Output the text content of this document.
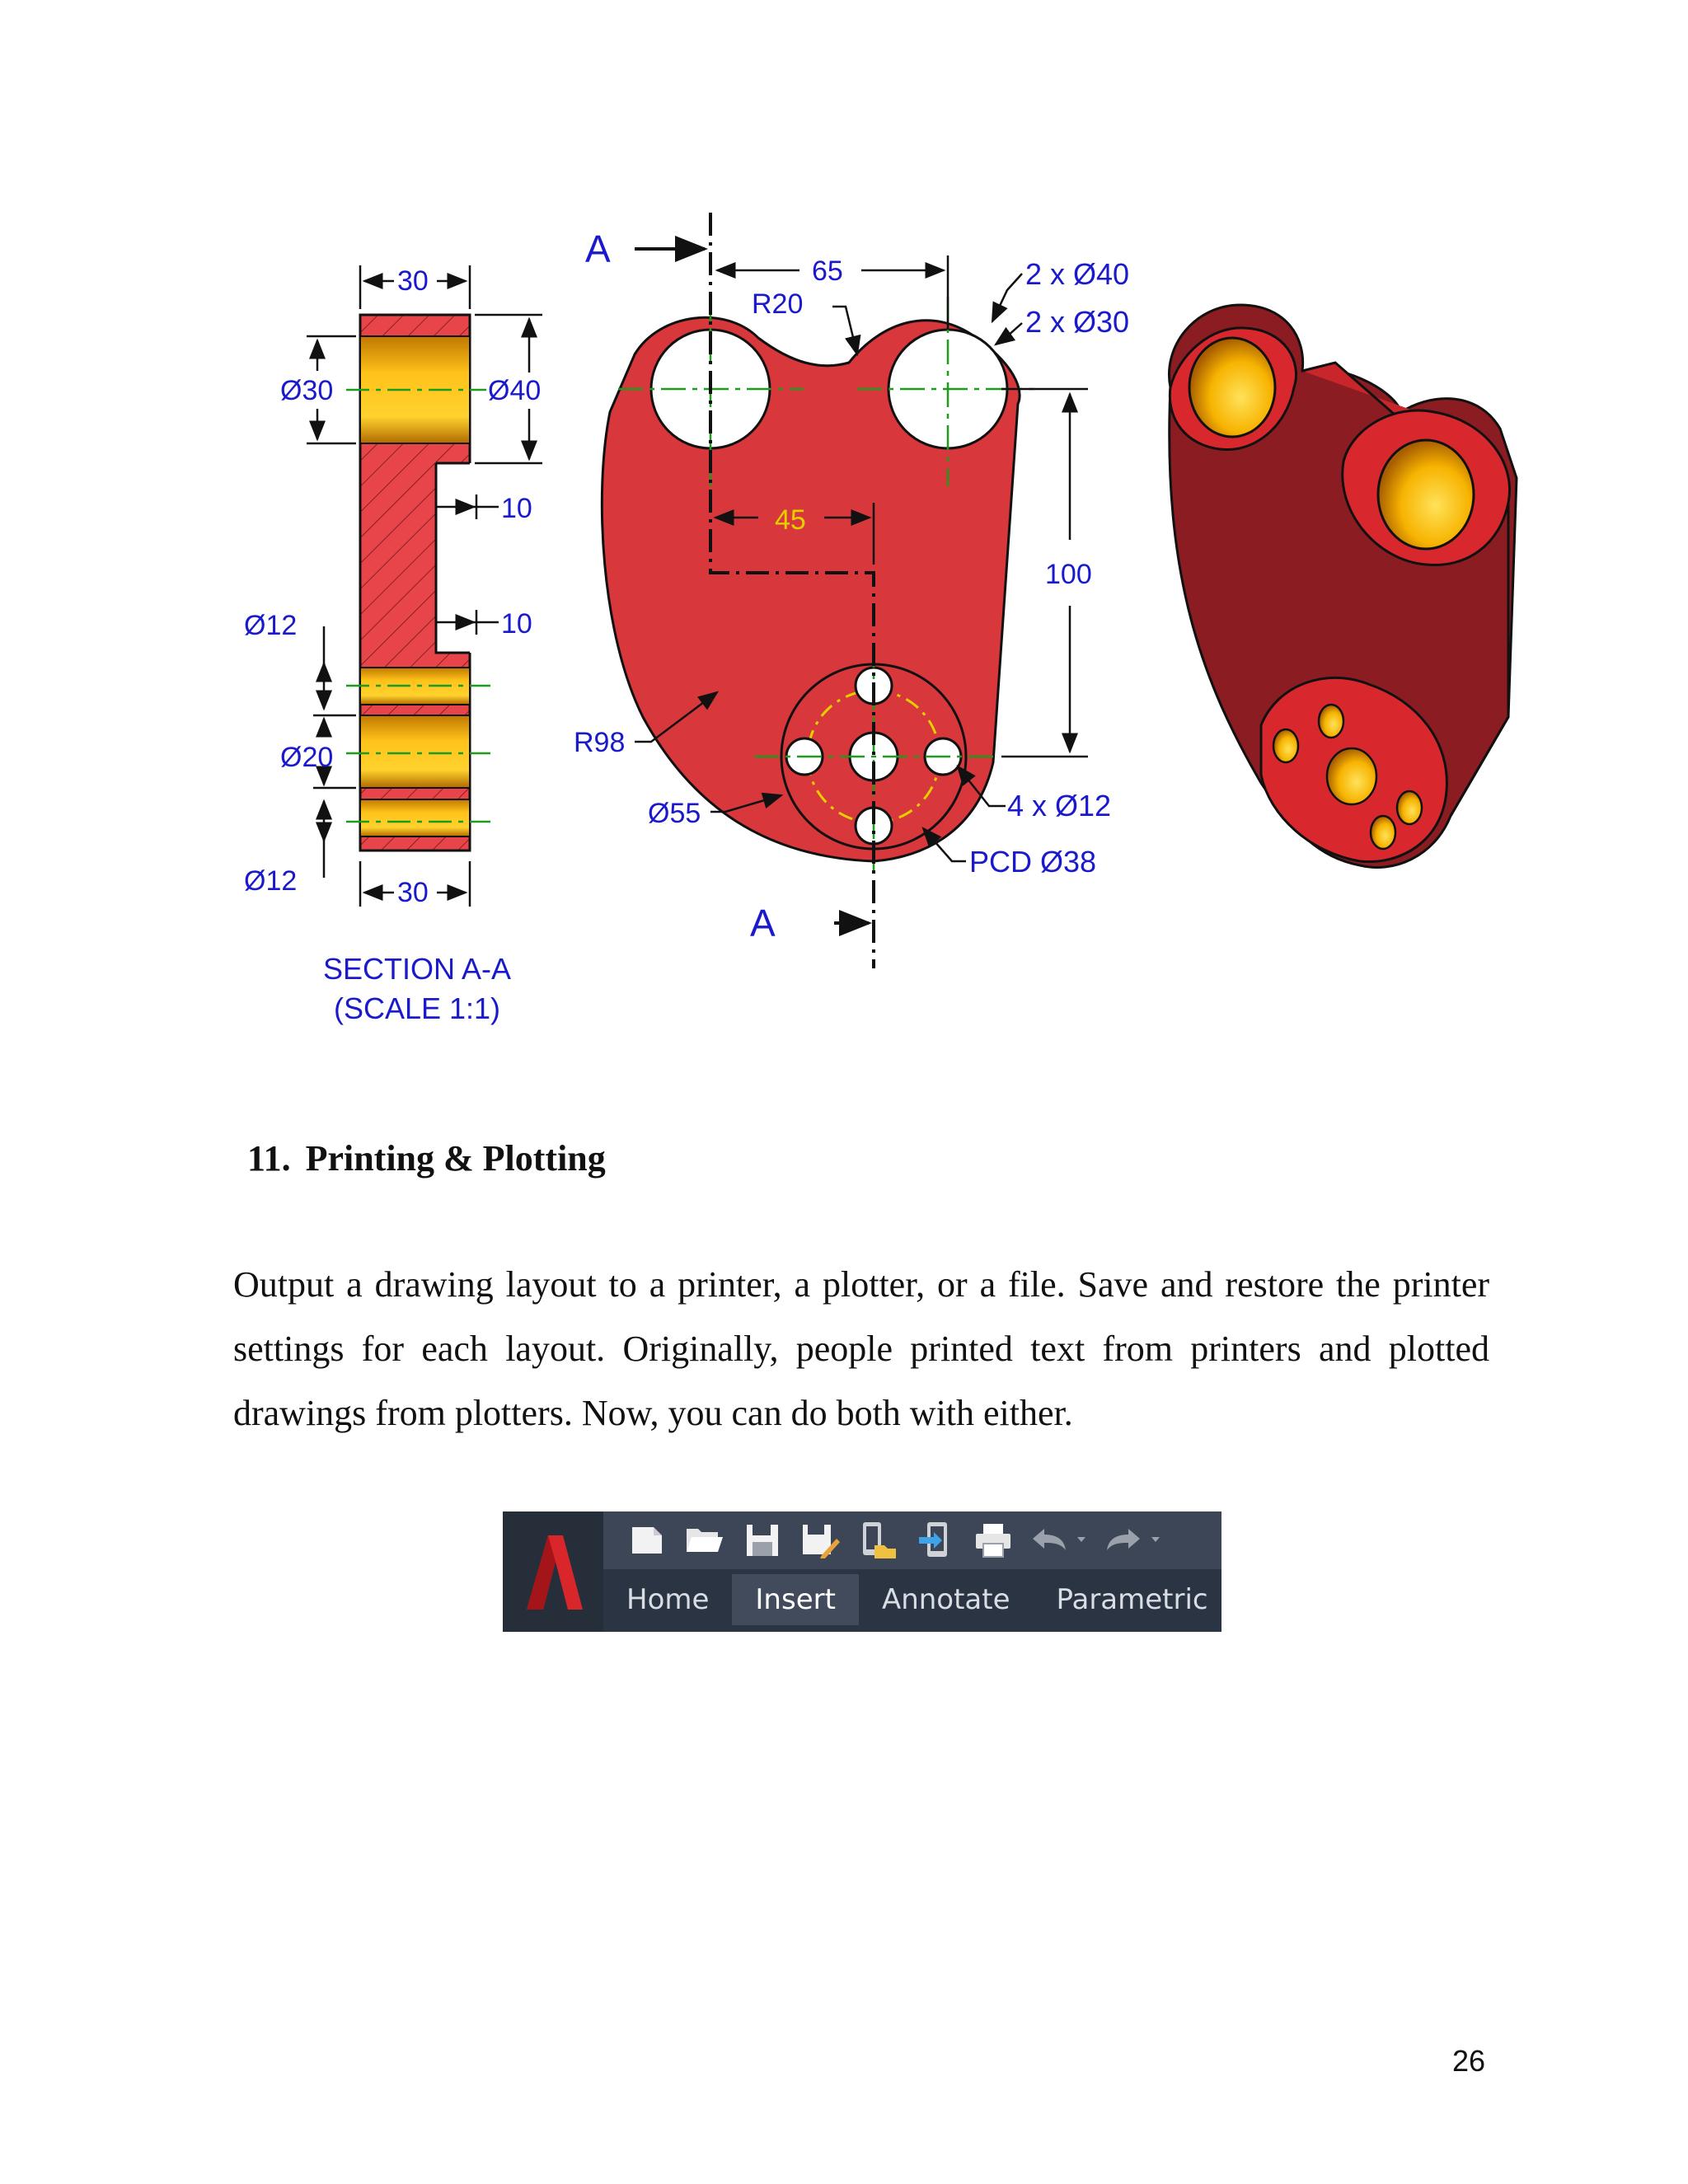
30
30
Ø30	Ø40
10
10
Ø12
Ø20
Ø12
SECTION A-A
(SCALE 1:1)
A
A
65
R20
2 x Ø40
2 x Ø30
45
100
R98
Ø55	4 x Ø12
PCD Ø38
11. Printing & Plotting
Output a drawing layout to a printer, a plotter, or a file. Save and restore the printer settings for each layout. Originally, people printed text from printers and plotted drawings from plotters. Now, you can do both with either.
Home	Insert	Annotate	Parametric
26
